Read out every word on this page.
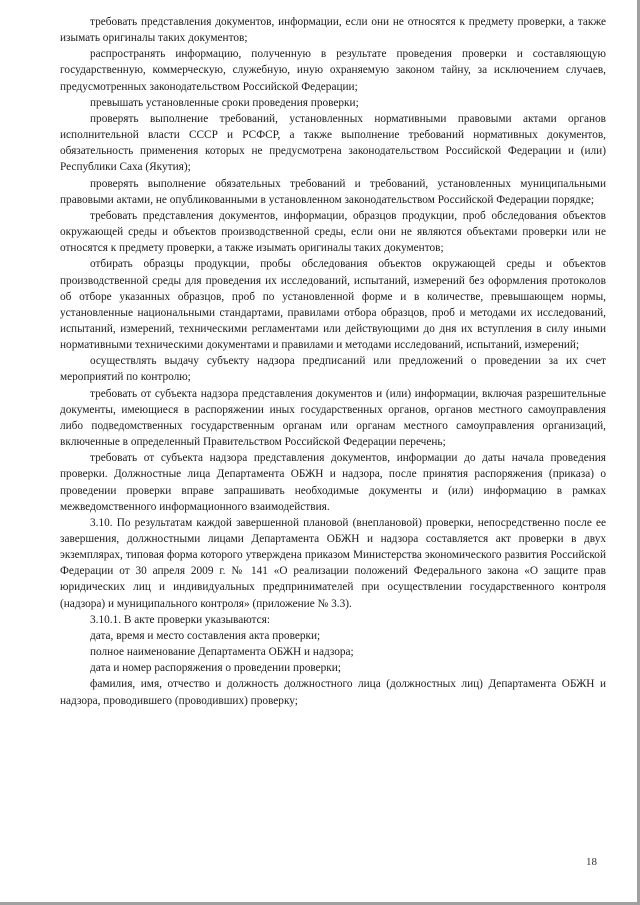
требовать представления документов, информации, если они не относятся к предмету проверки, а также изымать оригиналы таких документов;

распространять информацию, полученную в результате проведения проверки и составляющую государственную, коммерческую, служебную, иную охраняемую законом тайну, за исключением случаев, предусмотренных законодательством Российской Федерации;

превышать установленные сроки проведения проверки;

проверять выполнение требований, установленных нормативными правовыми актами органов исполнительной власти СССР и РСФСР, а также выполнение требований нормативных документов, обязательность применения которых не предусмотрена законодательством Российской Федерации и (или) Республики Саха (Якутия);

проверять выполнение обязательных требований и требований, установленных муниципальными правовыми актами, не опубликованными в установленном законодательством Российской Федерации порядке;

требовать представления документов, информации, образцов продукции, проб обследования объектов окружающей среды и объектов производственной среды, если они не являются объектами проверки или не относятся к предмету проверки, а также изымать оригиналы таких документов;

отбирать образцы продукции, пробы обследования объектов окружающей среды и объектов производственной среды для проведения их исследований, испытаний, измерений без оформления протоколов об отборе указанных образцов, проб по установленной форме и в количестве, превышающем нормы, установленные национальными стандартами, правилами отбора образцов, проб и методами их исследований, испытаний, измерений, техническими регламентами или действующими до дня их вступления в силу иными нормативными техническими документами и правилами и методами исследований, испытаний, измерений;

осуществлять выдачу субъекту надзора предписаний или предложений о проведении за их счет мероприятий по контролю;

требовать от субъекта надзора представления документов и (или) информации, включая разрешительные документы, имеющиеся в распоряжении иных государственных органов, органов местного самоуправления либо подведомственных государственным органам или органам местного самоуправления организаций, включенные в определенный Правительством Российской Федерации перечень;

требовать от субъекта надзора представления документов, информации до даты начала проведения проверки. Должностные лица Департамента ОБЖН и надзора, после принятия распоряжения (приказа) о проведении проверки вправе запрашивать необходимые документы и (или) информацию в рамках межведомственного информационного взаимодействия.

3.10. По результатам каждой завершенной плановой (внеплановой) проверки, непосредственно после ее завершения, должностными лицами Департамента ОБЖН и надзора составляется акт проверки в двух экземплярах, типовая форма которого утверждена приказом Министерства экономического развития Российской Федерации от 30 апреля 2009 г. № 141 «О реализации положений Федерального закона «О защите прав юридических лиц и индивидуальных предпринимателей при осуществлении государственного контроля (надзора) и муниципального контроля» (приложение № 3.3).

3.10.1. В акте проверки указываются:

дата, время и место составления акта проверки;

полное наименование Департамента ОБЖН и надзора;

дата и номер распоряжения о проведении проверки;

фамилия, имя, отчество и должность должностного лица (должностных лиц) Департамента ОБЖН и надзора, проводившего (проводивших) проверку;

18
